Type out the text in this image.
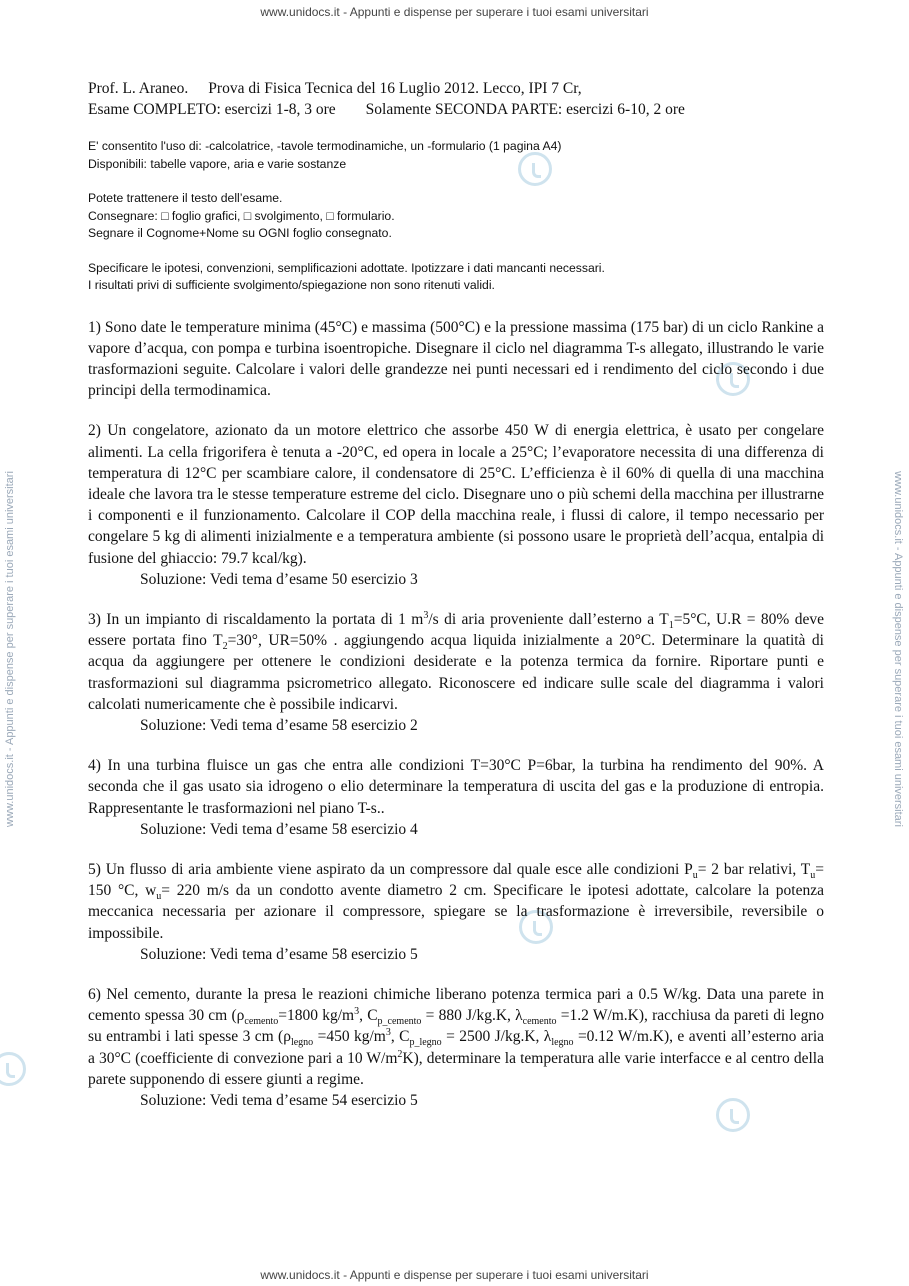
www.unidocs.it - Appunti e dispense per superare i tuoi esami universitari
www.unidocs.it - Appunti e dispense per superare i tuoi esami universitari
www.unidocs.it - Appunti e dispense per superare i tuoi esami universitari	www.unidocs.it - Appunti e dispense per superare i tuoi esami universitari
Prof. L. Araneo. Prova di Fisica Tecnica del 16 Luglio 2012. Lecco, IPI 7 Cr,
Esame COMPLETO: esercizi 1-8, 3 ore Solamente SECONDA PARTE: esercizi 6-10, 2 ore
E' consentito l'uso di: -calcolatrice, -tavole termodinamiche, un -formulario (1 pagina A4)
Disponibili: tabelle vapore, aria e varie sostanze
Potete trattenere il testo dell’esame.
Consegnare: □ foglio grafici, □ svolgimento, □ formulario.
Segnare il Cognome+Nome su OGNI foglio consegnato.
Specificare le ipotesi, convenzioni, semplificazioni adottate. Ipotizzare i dati mancanti necessari.
I risultati privi di sufficiente svolgimento/spiegazione non sono ritenuti validi.

1) Sono date le temperature minima (45°C) e massima (500°C) e la pressione massima (175 bar) di un ciclo Rankine a vapore d’acqua, con pompa e turbina isoentropiche. Disegnare il ciclo nel diagramma T-s allegato, illustrando le varie trasformazioni seguite. Calcolare i valori delle grandezze nei punti necessari ed i rendimento del ciclo secondo i due principi della termodinamica.

2) Un congelatore, azionato da un motore elettrico che assorbe 450 W di energia elettrica, è usato per congelare alimenti. La cella frigorifera è tenuta a -20°C, ed opera in locale a 25°C; l’evaporatore necessita di una differenza di temperatura di 12°C per scambiare calore, il condensatore di 25°C. L’efficienza è il 60% di quella di una macchina ideale che lavora tra le stesse temperature estreme del ciclo. Disegnare uno o più schemi della macchina per illustrarne i componenti e il funzionamento. Calcolare il COP della macchina reale, i flussi di calore, il tempo necessario per congelare 5 kg di alimenti inizialmente e a temperatura ambiente (si possono usare le proprietà dell’acqua, entalpia di fusione del ghiaccio: 79.7 kcal/kg).

Soluzione: Vedi tema d’esame 50 esercizio 3

3) In un impianto di riscaldamento la portata di 1 $m^3/s$ di aria proveniente dall’esterno a $T_1=5^\circ C$, U.R = 80% deve essere portata fino $T_2=30^\circ$, UR=50% . aggiungendo acqua liquida inizialmente a 20°C. Determinare la quatità di acqua da aggiungere per ottenere le condizioni desiderate e la potenza termica da fornire. Riportare punti e trasformazioni sul diagramma psicrometrico allegato. Riconoscere ed indicare sulle scale del diagramma i valori calcolati numericamente che è possibile indicarvi.

Soluzione: Vedi tema d’esame 58 esercizio 2

4) In una turbina fluisce un gas che entra alle condizioni T=30°C P=6bar, la turbina ha rendimento del 90%. A seconda che il gas usato sia idrogeno o elio determinare la temperatura di uscita del gas e la produzione di entropia. Rappresentante le trasformazioni nel piano T-s..

Soluzione: Vedi tema d’esame 58 esercizio 4

5) Un flusso di aria ambiente viene aspirato da un compressore dal quale esce alle condizioni $P_u= 2$ bar relativi, $T_u= 150$ °C, $w_u= 220$ m/s da un condotto avente diametro 2 cm. Specificare le ipotesi adottate, calcolare la potenza meccanica necessaria per azionare il compressore, spiegare se la trasformazione è irreversibile, reversibile o impossibile.

Soluzione: Vedi tema d’esame 58 esercizio 5

6) Nel cemento, durante la presa le reazioni chimiche liberano potenza termica pari a 0.5 W/kg. Data una parete in cemento spessa 30 cm ($\rho_{cemento}=1800$ $kg/m^3$, $C_{p\_cemento} = 880$ J/kg.K, $\lambda_{cemento} =1.2$ W/m.K), racchiusa da pareti di legno su entrambi i lati spesse 3 cm ($\rho_{legno} =450$ $kg/m^3$, $C_{p\_legno} = 2500$ J/kg.K, $\lambda_{legno} =0.12$ W/m.K), e aventi all’esterno aria a 30°C (coefficiente di convezione pari a 10 $W/m^2K$), determinare la temperatura alle varie interfacce e al centro della parete supponendo di essere giunti a regime.

Soluzione: Vedi tema d’esame 54 esercizio 5
